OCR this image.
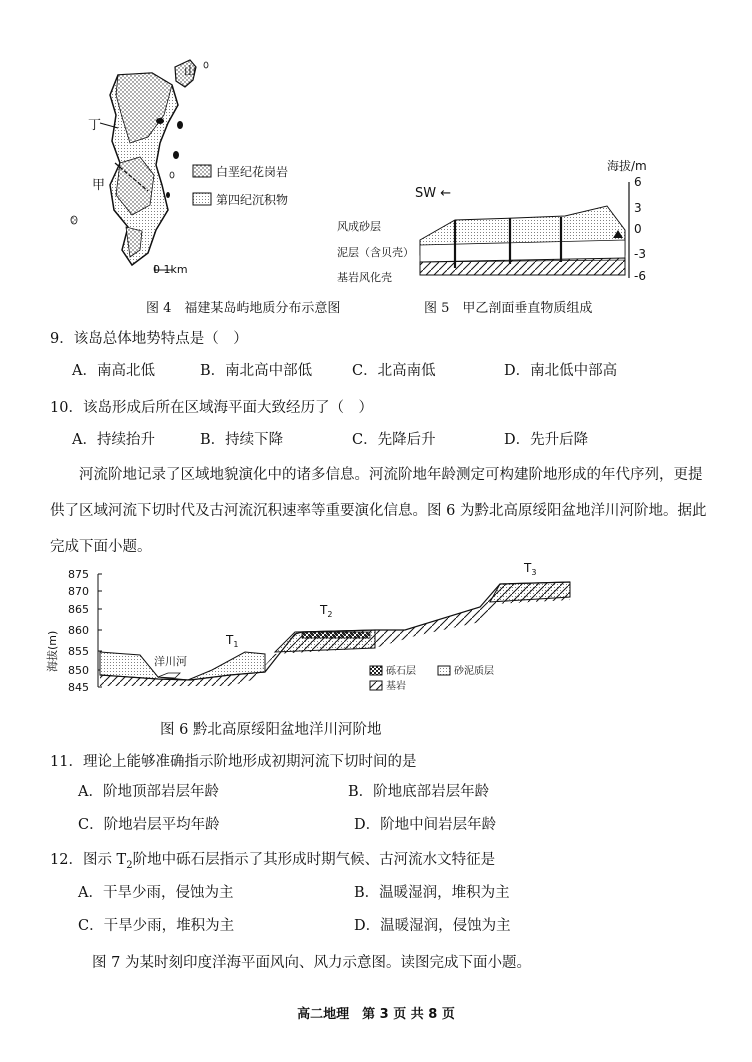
山
丁
甲
白垩纪花岗岩
第四纪沉积物
0 1km
海拔/m
SW ←
6
3
0
-3
-6
风成砂层
泥层（含贝壳）
基岩风化壳
图 4　福建某岛屿地质分布示意图	图 5　甲乙剖面垂直物质组成
9．该岛总体地势特点是（　）
A．南高北低	B．南北高中部低	C．北高南低	D．南北低中部高
10．该岛形成后所在区域海平面大致经历了（　）
A．持续抬升	B．持续下降	C．先降后升	D．先升后降
河流阶地记录了区域地貌演化中的诸多信息。河流阶地年龄测定可构建阶地形成的年代序列，更提供了区域河流下切时代及古河流沉积速率等重要演化信息。图 6 为黔北高原绥阳盆地洋川河阶地。据此完成下面小题。
海拔(m)
875
870
865
860
855
850
845
$T_1$
$T_2$
$T_3$
洋川河
砾石层	砂泥质层
基岩
图 6 黔北高原绥阳盆地洋川河阶地
11．理论上能够准确指示阶地形成初期河流下切时间的是
A．阶地顶部岩层年龄	B．阶地底部岩层年龄
C．阶地岩层平均年龄	D．阶地中间岩层年龄
12．图示 $T_2$阶地中砾石层指示了其形成时期气候、古河流水文特征是
A．干旱少雨，侵蚀为主	B．温暖湿润，堆积为主
C．干旱少雨，堆积为主	D．温暖湿润，侵蚀为主
图 7 为某时刻印度洋海平面风向、风力示意图。读图完成下面小题。
高二地理　第 3 页 共 8 页
